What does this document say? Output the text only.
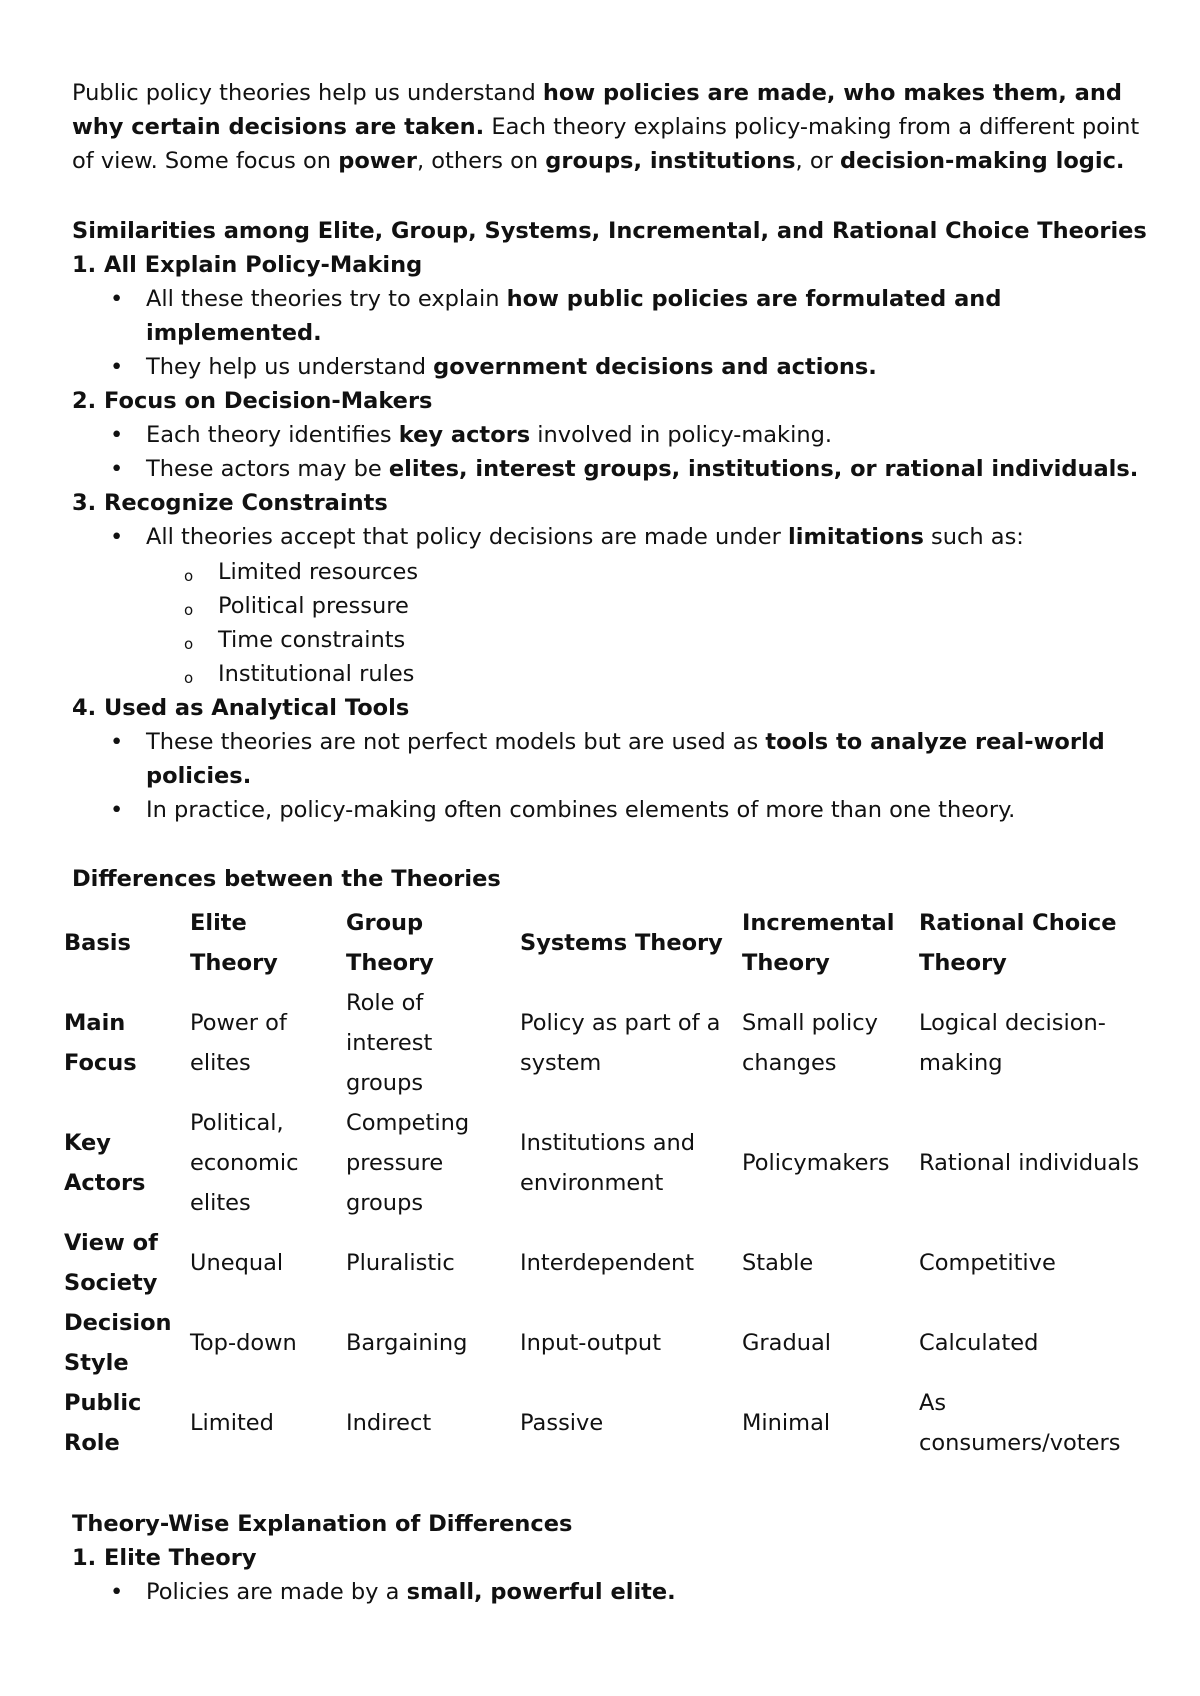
Public policy theories help us understand how policies are made, who makes them, and
why certain decisions are taken. Each theory explains policy-making from a different point
of view. Some focus on power, others on groups, institutions, or decision-making logic.
Similarities among Elite, Group, Systems, Incremental, and Rational Choice Theories
1. All Explain Policy-Making
• All these theories try to explain how public policies are formulated and
implemented.
• They help us understand government decisions and actions.
2. Focus on Decision-Makers
• Each theory identifies key actors involved in policy-making.
• These actors may be elites, interest groups, institutions, or rational individuals.
3. Recognize Constraints
• All theories accept that policy decisions are made under limitations such as:
o Limited resources
o Political pressure
o Time constraints
o Institutional rules
4. Used as Analytical Tools
• These theories are not perfect models but are used as tools to analyze real-world
policies.
• In practice, policy-making often combines elements of more than one theory.
Differences between the Theories
Basis	Elite Theory	Group Theory	Systems Theory	Incremental Theory	Rational Choice Theory
Main Focus	Power of elites	Role of interest groups	Policy as part of a system	Small policy changes	Logical decision-making
Key Actors	Political, economic elites	Competing pressure groups	Institutions and environment	Policymakers	Rational individuals
View of Society	Unequal	Pluralistic	Interdependent	Stable	Competitive
Decision Style	Top-down	Bargaining	Input-output	Gradual	Calculated
Public Role	Limited	Indirect	Passive	Minimal	As consumers/voters
Theory-Wise Explanation of Differences
1. Elite Theory
• Policies are made by a small, powerful elite.
